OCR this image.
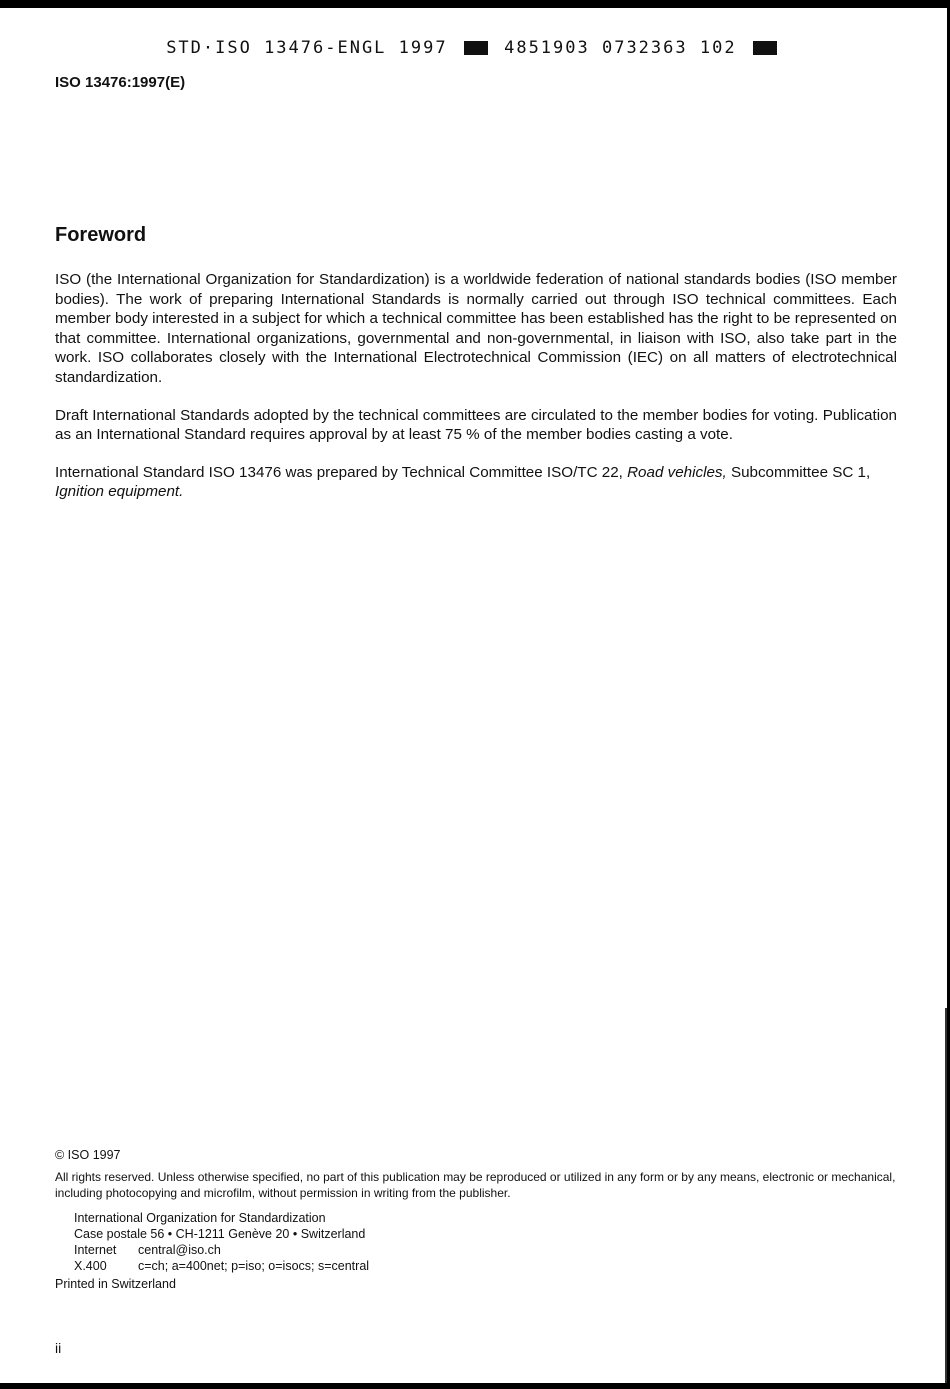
STD·ISO 13476-ENGL 1997	4851903 0732363 102
ISO 13476:1997(E)
Foreword

ISO (the International Organization for Standardization) is a worldwide federation of national standards bodies (ISO member bodies). The work of preparing International Standards is normally carried out through ISO technical committees. Each member body interested in a subject for which a technical committee has been established has the right to be represented on that committee. International organizations, governmental and non-governmental, in liaison with ISO, also take part in the work. ISO collaborates closely with the International Electrotechnical Commission (IEC) on all matters of electrotechnical standardization.

Draft International Standards adopted by the technical committees are circulated to the member bodies for voting. Publication as an International Standard requires approval by at least 75 % of the member bodies casting a vote.

International Standard ISO 13476 was prepared by Technical Committee ISO/TC 22, Road vehicles, Subcommittee SC 1, Ignition equipment.

© ISO 1997
All rights reserved. Unless otherwise specified, no part of this publication may be reproduced or utilized in any form or by any means, electronic or mechanical, including photocopying and microfilm, without permission in writing from the publisher.
International Organization for Standardization
Case postale 56 • CH-1211 Genève 20 • Switzerland
Internet central@iso.ch
X.400	c=ch; a=400net; p=iso; o=isocs; s=central
Printed in Switzerland
ii
